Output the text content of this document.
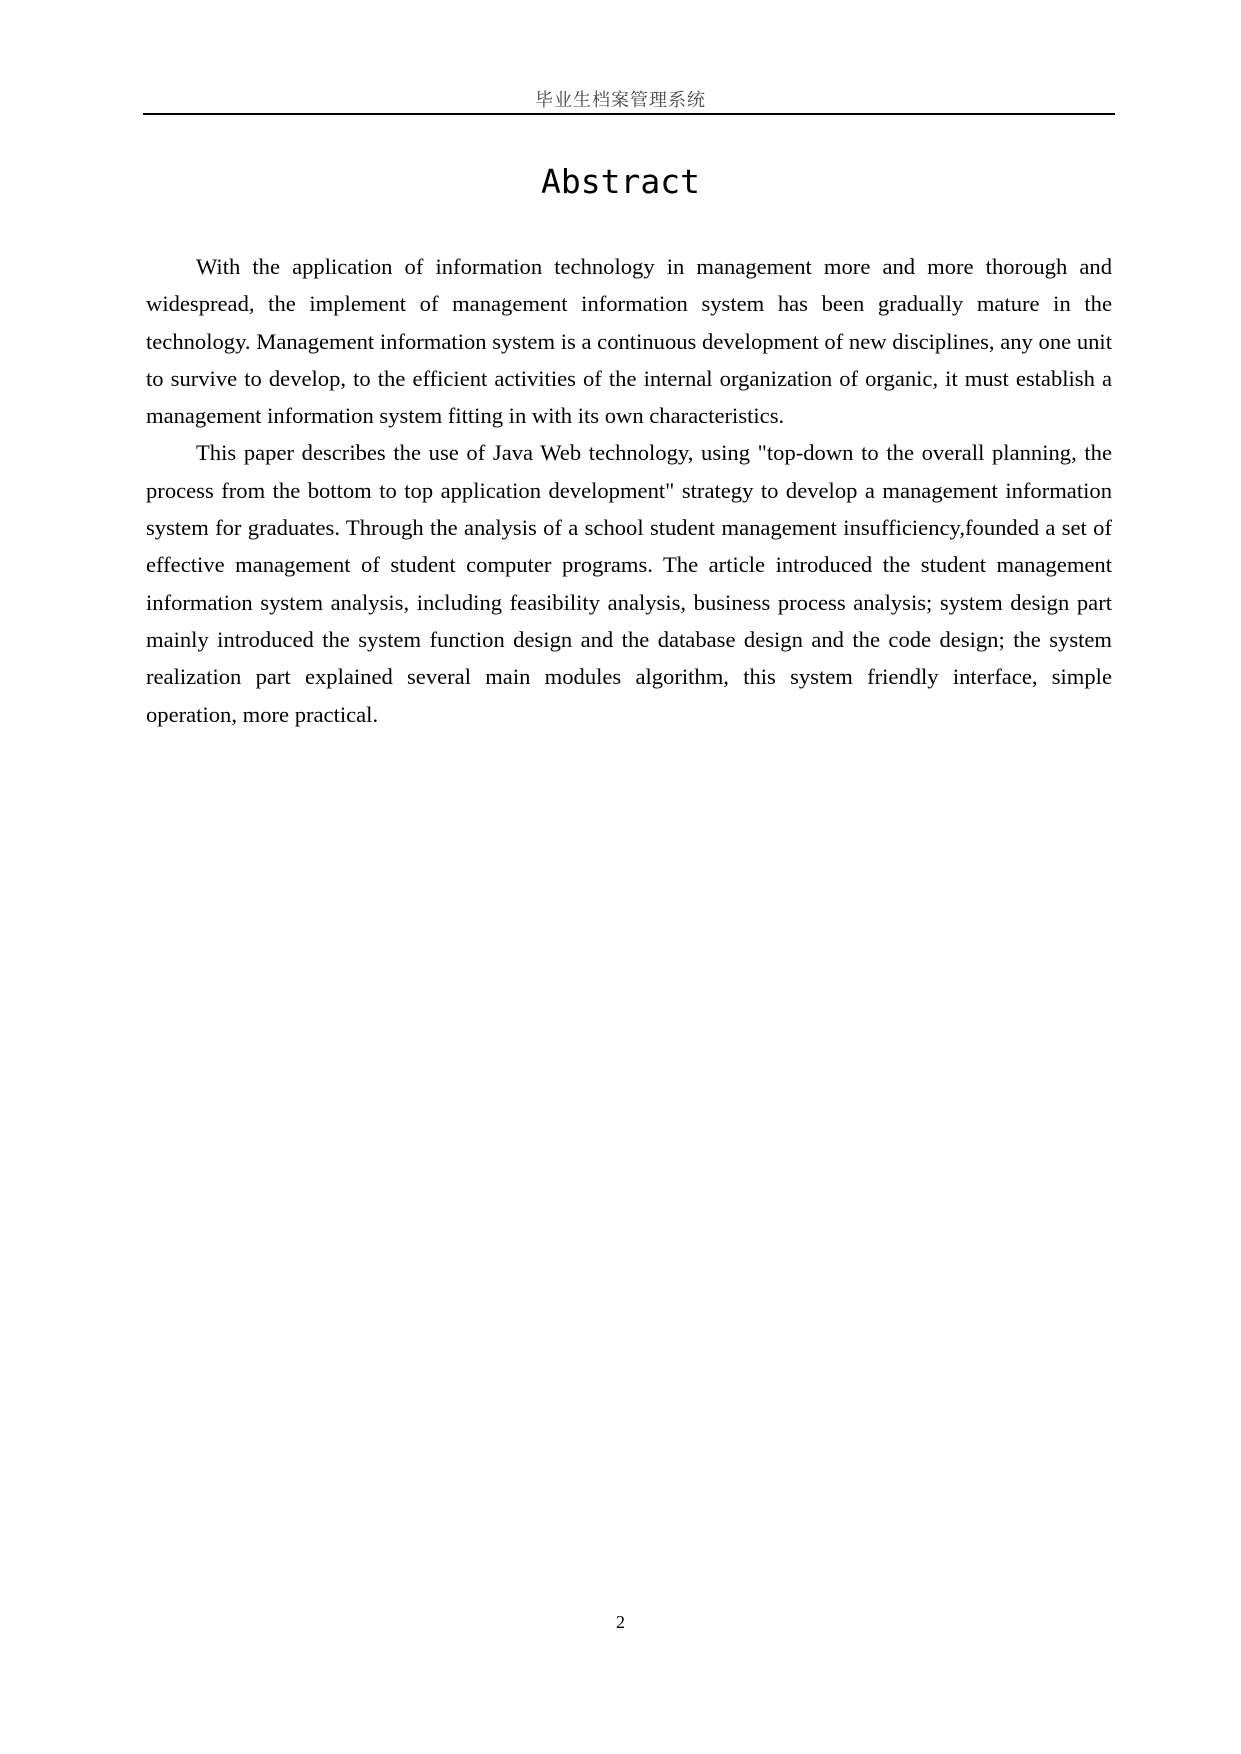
毕业生档案管理系统
Abstract

With the application of information technology in management more and more thorough and widespread, the implement of management information system has been gradually mature in the technology. Management information system is a continuous development of new disciplines, any one unit to survive to develop, to the efficient activities of the internal organization of organic, it must establish a management information system fitting in with its own characteristics.

This paper describes the use of Java Web technology, using "top-down to the overall planning, the process from the bottom to top application development" strategy to develop a management information system for graduates. Through the analysis of a school student management insufficiency,founded a set of effective management of student computer programs. The article introduced the student management information system analysis, including feasibility analysis, business process analysis; system design part mainly introduced the system function design and the database design and the code design; the system realization part explained several main modules algorithm, this system friendly interface, simple operation, more practical.

2
